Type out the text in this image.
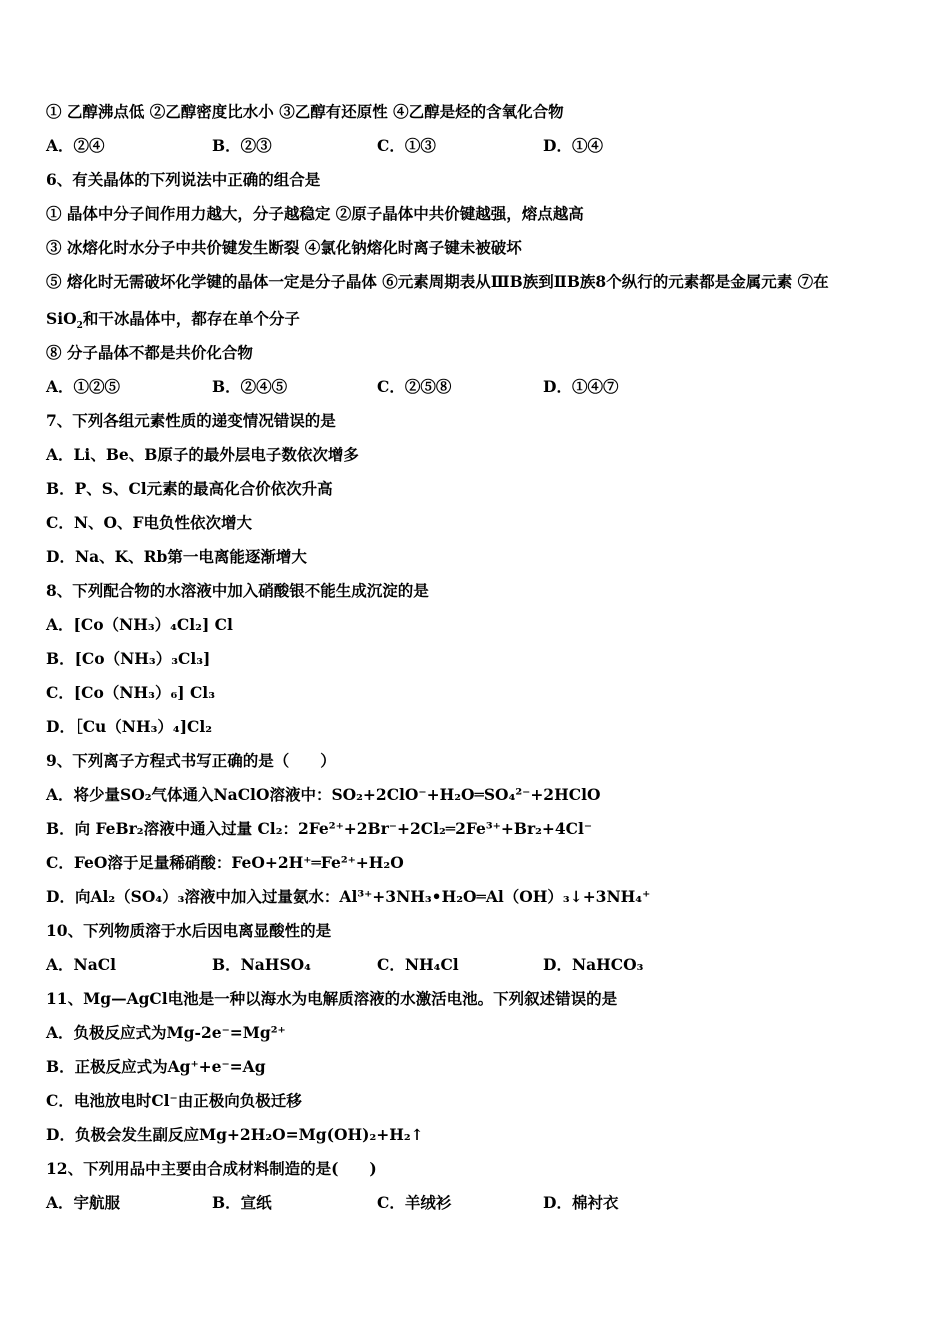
① 乙醇沸点低 ②乙醇密度比水小 ③乙醇有还原性 ④乙醇是烃的含氧化合物
A．②④	B．②③	C．①③	D．①④
6、有关晶体的下列说法中正确的组合是
① 晶体中分子间作用力越大，分子越稳定 ②原子晶体中共价键越强，熔点越高
③ 冰熔化时水分子中共价键发生断裂 ④氯化钠熔化时离子键未被破坏
⑤ 熔化时无需破坏化学键的晶体一定是分子晶体 ⑥元素周期表从ⅢB族到ⅡB族8个纵行的元素都是金属元素 ⑦在
SiO$_2$和干冰晶体中，都存在单个分子
⑧ 分子晶体不都是共价化合物
A．①②⑤	B．②④⑤	C．②⑤⑧	D．①④⑦
7、下列各组元素性质的递变情况错误的是
A．Li、Be、B原子的最外层电子数依次增多
B．P、S、Cl元素的最高化合价依次升高
C．N、O、F电负性依次增大
D．Na、K、Rb第一电离能逐渐增大
8、下列配合物的水溶液中加入硝酸银不能生成沉淀的是
A．[Co（NH₃）₄Cl₂] Cl
B．[Co（NH₃）₃Cl₃]
C．[Co（NH₃）₆] Cl₃
D．［Cu（NH₃）₄]Cl₂
9、下列离子方程式书写正确的是（　　）
A．将少量SO₂气体通入NaClO溶液中：SO₂+2ClO⁻+H₂O═SO₄²⁻+2HClO
B．向 FeBr₂溶液中通入过量 Cl₂：2Fe²⁺+2Br⁻+2Cl₂═2Fe³⁺+Br₂+4Cl⁻
C．FeO溶于足量稀硝酸：FeO+2H⁺═Fe²⁺+H₂O
D．向Al₂（SO₄）₃溶液中加入过量氨水：Al³⁺+3NH₃•H₂O═Al（OH）₃↓+3NH₄⁺
10、下列物质溶于水后因电离显酸性的是
A．NaCl	B．NaHSO₄	C．NH₄Cl	D．NaHCO₃
11、Mg—AgCl电池是一种以海水为电解质溶液的水激活电池。下列叙述错误的是
A．负极反应式为Mg-2e⁻=Mg²⁺
B．正极反应式为Ag⁺+e⁻=Ag
C．电池放电时Cl⁻由正极向负极迁移
D．负极会发生副反应Mg+2H₂O=Mg(OH)₂+H₂↑
12、下列用品中主要由合成材料制造的是(　　)
A．宇航服	B．宣纸	C．羊绒衫	D．棉衬衣
